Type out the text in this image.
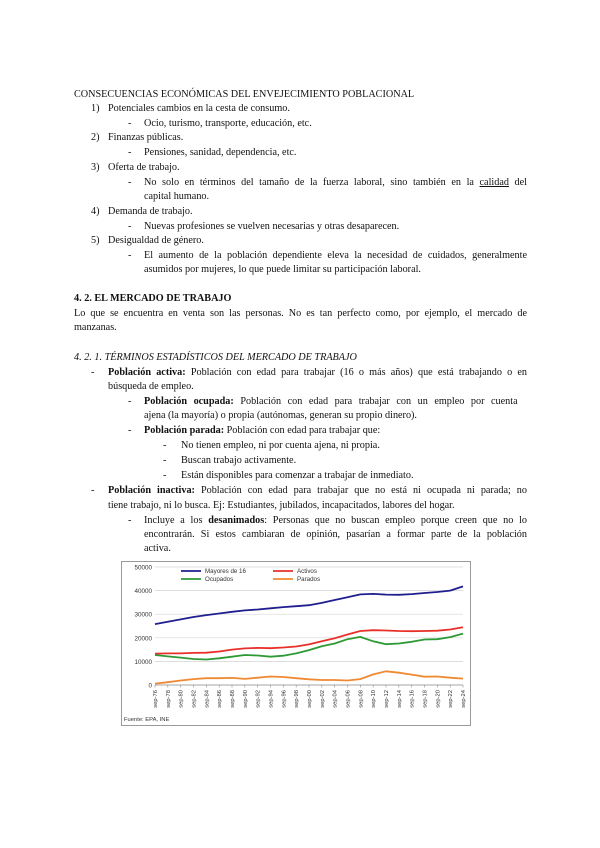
CONSECUENCIAS ECONÓMICAS DEL ENVEJECIMIENTO POBLACIONAL
1) Potenciales cambios en la cesta de consumo.
- Ocio, turismo, transporte, educación, etc.
2) Finanzas públicas.
- Pensiones, sanidad, dependencia, etc.
3) Oferta de trabajo.
- No solo en términos del tamaño de la fuerza laboral, sino también en la calidad del
capital humano.
4) Demanda de trabajo.
- Nuevas profesiones se vuelven necesarias y otras desaparecen.
5) Desigualdad de género.
- El aumento de la población dependiente eleva la necesidad de cuidados, generalmente
asumidos por mujeres, lo que puede limitar su participación laboral.
4. 2. EL MERCADO DE TRABAJO
Lo que se encuentra en venta son las personas. No es tan perfecto como, por ejemplo, el mercado de
manzanas.
4. 2. 1. TÉRMINOS ESTADÍSTICOS DEL MERCADO DE TRABAJO
- Población activa: Población con edad para trabajar (16 o más años) que está trabajando o en
búsqueda de empleo.
- Población ocupada: Población con edad para trabajar con un empleo por cuenta
ajena (la mayoría) o propia (autónomas, generan su propio dinero).
- Población parada: Población con edad para trabajar que:
- No tienen empleo, ni por cuenta ajena, ni propia.
- Buscan trabajo activamente.
- Están disponibles para comenzar a trabajar de inmediato.
- Población inactiva: Población con edad para trabajar que no está ni ocupada ni parada; no
tiene trabajo, ni lo busca. Ej: Estudiantes, jubilados, incapacitados, labores del hogar.
- Incluye a los desanimados: Personas que no buscan empleo porque creen que no lo
encontrarán. Si estos cambiaran de opinión, pasarían a formar parte de la población
activa.
0
10000
20000
30000
40000
50000
sep-76 sep-78 sep-80 sep-82 sep-84 sep-86 sep-88 sep-90 sep-92 sep-94 sep-96 sep-98 sep-00 sep-02 sep-04 sep-06 sep-08 sep-10 sep-12 sep-14 sep-16 sep-18 sep-20 sep-22 sep-24
Mayores de 16	Activos
Ocupados	Parados
Fuente: EPA, INE
